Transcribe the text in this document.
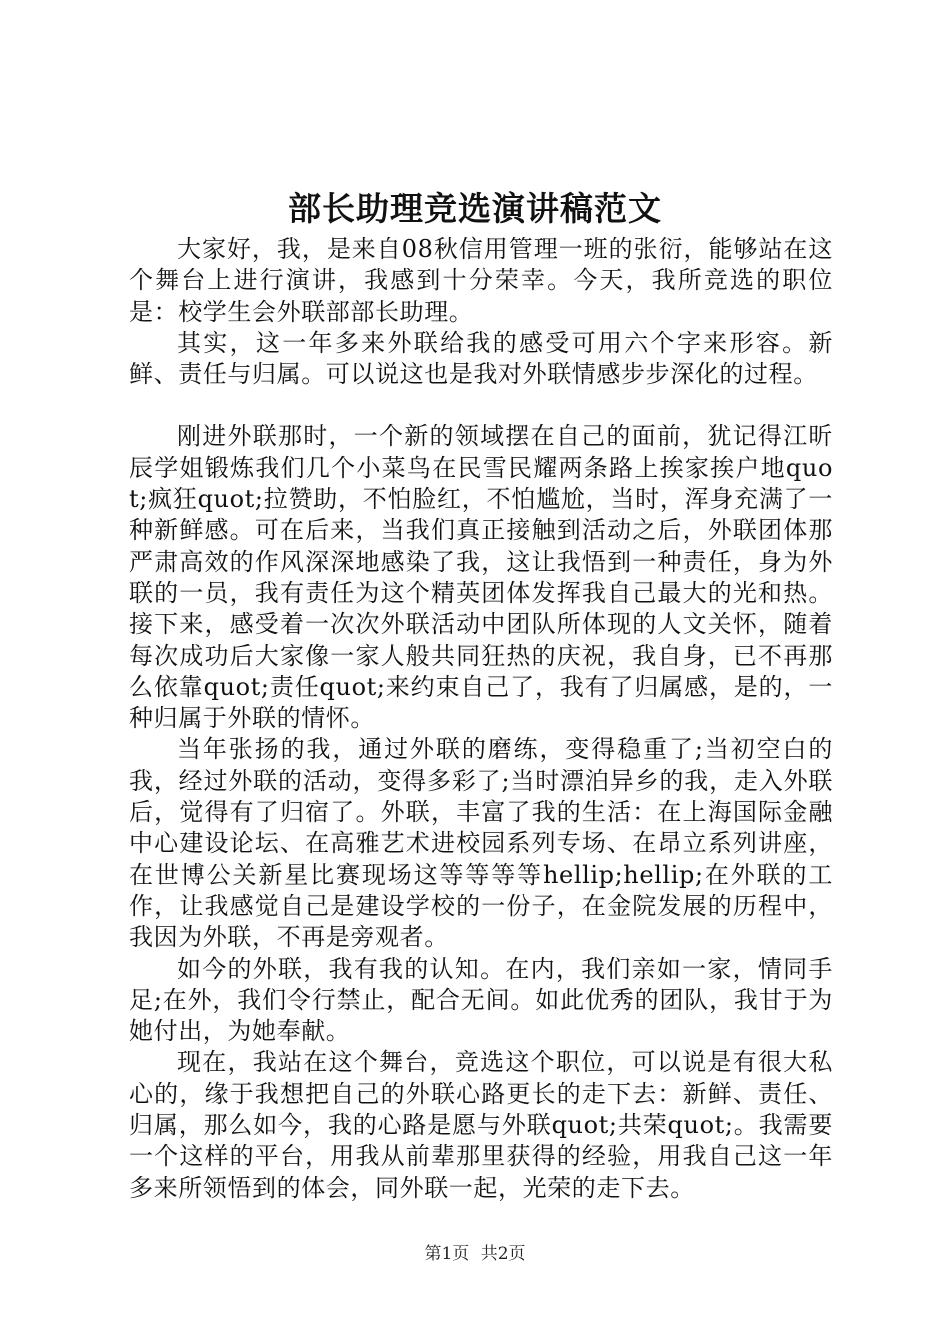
部长助理竞选演讲稿范文

大家好，我，是来自08秋信用管理一班的张衍，能够站在这个舞台上进行演讲，我感到十分荣幸。今天，我所竞选的职位是：校学生会外联部部长助理。

其实，这一年多来外联给我的感受可用六个字来形容。新鲜、责任与归属。可以说这也是我对外联情感步步深化的过程。

刚进外联那时，一个新的领域摆在自己的面前，犹记得江昕辰学姐锻炼我们几个小菜鸟在民雪民耀两条路上挨家挨户地quot;疯狂quot;拉赞助，不怕脸红，不怕尴尬，当时，浑身充满了一种新鲜感。可在后来，当我们真正接触到活动之后，外联团体那严肃高效的作风深深地感染了我，这让我悟到一种责任，身为外联的一员，我有责任为这个精英团体发挥我自己最大的光和热。接下来，感受着一次次外联活动中团队所体现的人文关怀，随着每次成功后大家像一家人般共同狂热的庆祝，我自身，已不再那么依靠quot;责任quot;来约束自己了，我有了归属感，是的，一种归属于外联的情怀。

当年张扬的我，通过外联的磨练，变得稳重了;当初空白的我，经过外联的活动，变得多彩了;当时漂泊异乡的我，走入外联后，觉得有了归宿了。外联，丰富了我的生活：在上海国际金融中心建设论坛、在高雅艺术进校园系列专场、在昂立系列讲座，在世博公关新星比赛现场这等等等等hellip;hellip;在外联的工作，让我感觉自己是建设学校的一份子，在金院发展的历程中，我因为外联，不再是旁观者。

如今的外联，我有我的认知。在内，我们亲如一家，情同手足;在外，我们令行禁止，配合无间。如此优秀的团队，我甘于为她付出，为她奉献。

现在，我站在这个舞台，竞选这个职位，可以说是有很大私心的，缘于我想把自己的外联心路更长的走下去：新鲜、责任、归属，那么如今，我的心路是愿与外联quot;共荣quot;。我需要一个这样的平台，用我从前辈那里获得的经验，用我自己这一年多来所领悟到的体会，同外联一起，光荣的走下去。

第1页 共2页
